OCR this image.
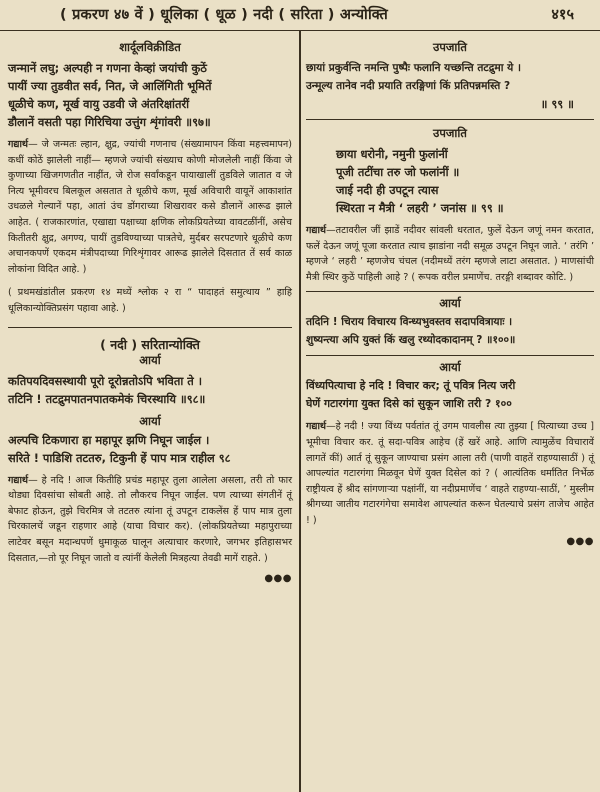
( प्रकरण ४७ वें ) धूलिका ( धूळ ) नदी ( सरिता ) अन्योक्ति	४१५

शार्दूलविक्रीडित

जन्मानें लघु; अल्पही न गणना केव्हां जयांची कुठें

पायीं ज्या तुडवीत सर्व, नित, जे आलिंगिती भूमितें

धूळीचे कण, मूर्ख वायु उडवी जे अंतरिक्षांतरीं

डौलानें वसती पहा गिरिचिया उत्तुंग शृंगांवरी ॥९७॥

गद्यार्थ— जे जन्मतः ल्हान, क्षुद्र, ज्यांची गणनाच (संख्यामापन किंवा महत्त्वमापन) कधीं कोठें झालेली नाहीं— म्हणजे ज्यांची संख्याच कोणी मोजलेली नाहीं किंवा जे कुणाच्या खिजगणतीत नाहींत, जे रोज सर्वांकडून पायाखालीं तुडविले जातात व जे नित्य भूमीवरच बिलकूल असतात ते धूळीचे कण, मूर्ख अविचारी वायूनें आकाशांत उधळले गेल्यानें पहा, आतां उंच डोंगराच्या शिखरावर कसे डौलानें आरूढ झाले आहेत. ( राजकारणांत, एखाद्या पक्षाच्या क्षणिक लोकप्रियतेच्या वावटळींनीं, असेच कितीतरी क्षुद्र, अगण्य, पायीं तुडविण्याच्या पात्रतेचे, मुर्दबर सरपटणारे धूळीचे कण अचानकपणें एकदम मंत्रीपदाच्या गिरिशृंगावर आरूढ झालेले दिसतात तें सर्व काळ लोकांना विदित आहे. )

( प्रथमखंडांतील प्रकरण १४ मध्यें श्लोक २ रा “ पादाहतं समुत्थाय ” हाहि धूलिकान्योक्तिप्रसंग पहावा आहे. )

( नदी ) सरितान्योक्ति

आर्या

कतिपयदिवसस्थायी पूरो दूरोन्नतोऽपि भविता ते ।

तटिनि ! तटद्रुमपातनपातकमेकं चिरस्थायि ॥९८॥

आर्या

अल्पचि टिकणारा हा महापूर झणि निघून जाईल ।

सरिते ! पाडिशि तटतरु, टिकुनी हें पाप मात्र राहील ९८

गद्यार्थ— हे नदि ! आज कितीहि प्रचंड महापूर तुला आलेला असला, तरी तो फार थोड्या दिवसांचा सोबती आहे. तो लौकरच निघून जाईल. पण त्याच्या संगतीनें तूं बेफाट होऊन, तुझे चिरमित्र जे तटतरु त्यांना तूं उपटून टाकलेंस हें पाप मात्र तुला चिरकालचें जडून राहणार आहे (याचा विचार कर). (लोकप्रियतेच्या महापुराच्या लाटेवर बसून मदान्धपणें धुमाकूळ घालून अत्याचार करणारे, जगभर इतिहासभर दिसतात,—तो पूर निघून जातो व त्यांनीं केलेली मित्रहत्या तेवढी मागें राहते. )

●●●

उपजाति

छायां प्रकुर्वन्ति नमन्ति पुष्पैः फलानि यच्छन्ति तटद्रुमा ये ।

उन्मूल्य तानेव नदी प्रयाति तरङ्गिणां किं प्रतिपन्नमस्ति ?

॥ ९९ ॥

उपजाति

छाया धरोनी, नमुनी फुलांनीं

पूजी तटींचा तरु जो फलांनीं ॥

जाई नदी ही उपटून त्यास

स्थिरता न मैत्री ‘ लहरी ’ जनांस ॥ ९९ ॥

गद्यार्थ—तटावरील जीं झाडें नदीवर सांवली धरतात, फुलें देऊन जणूं नमन करतात, फलें देऊन जणूं पूजा करतात त्याच झाडांना नदी समूळ उपटून निघून जाते. ‘ तरंगि ’ म्हणजे ‘ लहरी ’ म्हणजेच चंचल (नदीमध्यें तरंग म्हणजे लाटा असतात. ) माणसांची मैत्री स्थिर कुठें पाहिली आहे ? ( रूपक वरील प्रमाणेंच. तरङ्गी शब्दावर कोटि. )

आर्या

तदिनि ! चिराय विचारय विन्ध्यभुवस्तव सदापवित्रायाः ।

शुष्यन्त्या अपि युक्तं किं खलु रथ्योदकादानम् ? ॥१००॥

आर्या

विंध्यपित्याचा हे नदि ! विचार कर; तूं पवित्र नित्य जरी

घेणें गटारगंगा युक्त दिसे कां सुकून जाशि तरी ? १००

गद्यार्थ—हे नदी ! ज्या विंध्य पर्वतांत तूं उगम पावलीस त्या तुझ्या [ पित्याच्या उच्च ] भूमीचा विचार कर. तूं सदा-पवित्र आहेच (हें खरें आहे. आणि त्यामुळेंच विचारावें लागतें कीं) आर्त तूं सुकून जाण्याचा प्रसंग आला तरी (पाणी वाहतें राहण्यासाठीं ) तूं आपल्यांत गटारगंगा मिळवून घेणें युक्त दिसेल कां ? ( आत्यंतिक धर्मांतित निर्भेळ राष्ट्रीयत्व हें श्रीद सांगणाऱ्या पक्षांनीं, या नदीप्रमाणेंच ‘ वाहते राहण्या-साठीं, ’ मुस्लीम श्रीगच्या जातीय गटारगंगेचा समावेश आपल्यांत करून घेतल्याचे प्रसंग ताजेच आहेत ! )

●●●
